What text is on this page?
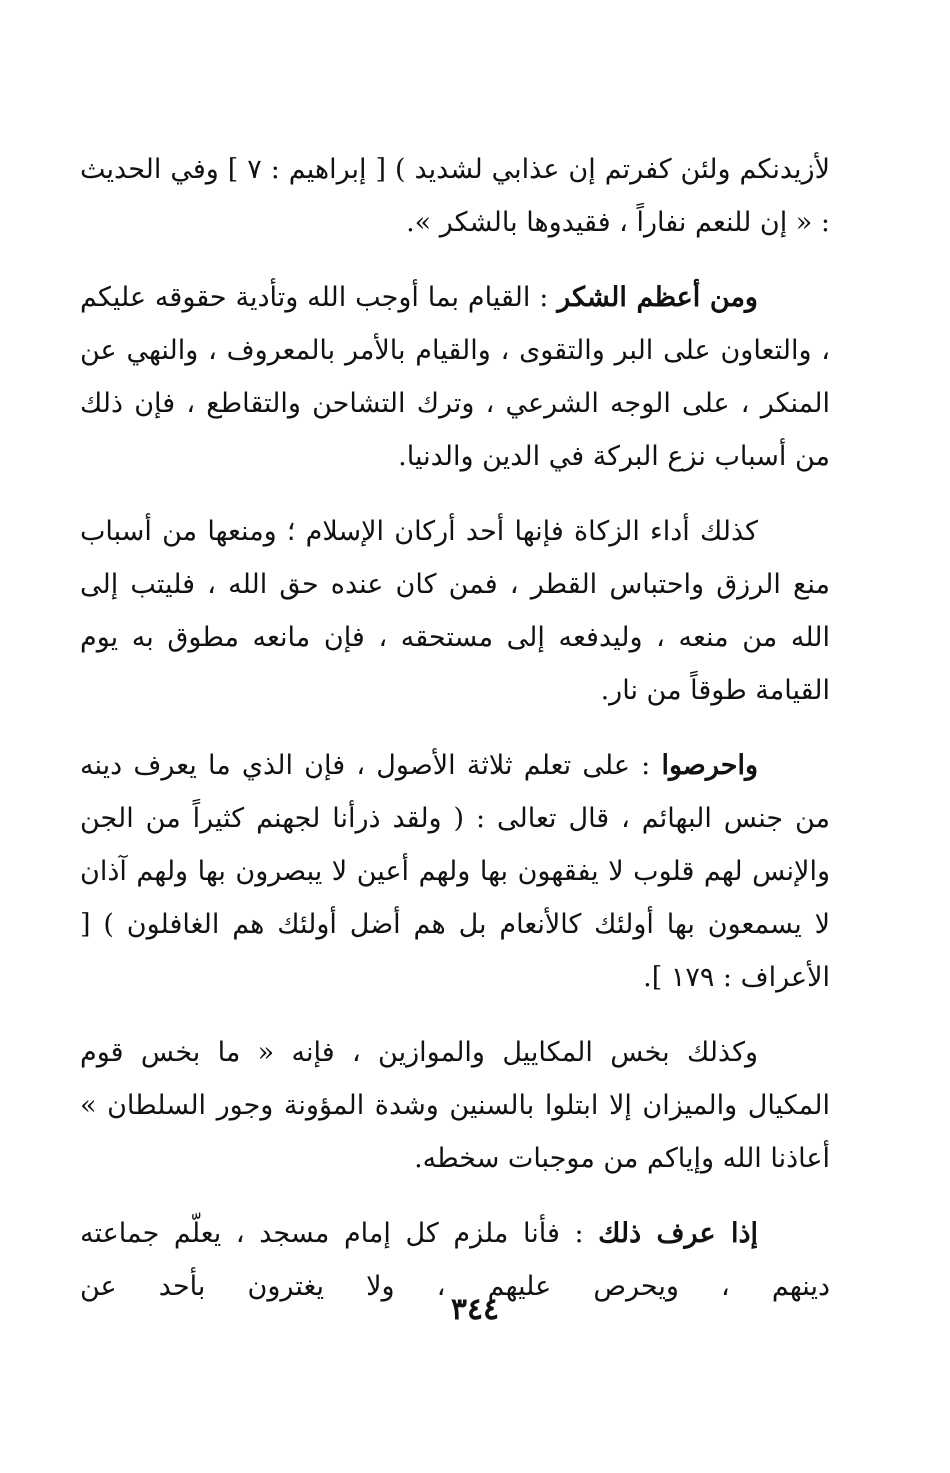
لأزيدنكم ولئن كفرتم إن عذابي لشديد ) [ إبراهيم : ٧ ] وفي الحديث : « إن للنعم نفاراً ، فقيدوها بالشكر ».

ومن أعظم الشكر : القيام بما أوجب الله وتأدية حقوقه عليكم ، والتعاون على البر والتقوى ، والقيام بالأمر بالمعروف ، والنهي عن المنكر ، على الوجه الشرعي ، وترك التشاحن والتقاطع ، فإن ذلك من أسباب نزع البركة في الدين والدنيا.

كذلك أداء الزكاة فإنها أحد أركان الإسلام ؛ ومنعها من أسباب منع الرزق واحتباس القطر ، فمن كان عنده حق الله ، فليتب إلى الله من منعه ، وليدفعه إلى مستحقه ، فإن مانعه مطوق به يوم القيامة طوقاً من نار.

واحرصوا : على تعلم ثلاثة الأصول ، فإن الذي ما يعرف دينه من جنس البهائم ، قال تعالى : ( ولقد ذرأنا لجهنم كثيراً من الجن والإنس لهم قلوب لا يفقهون بها ولهم أعين لا يبصرون بها ولهم آذان لا يسمعون بها أولئك كالأنعام بل هم أضل أولئك هم الغافلون ) [ الأعراف : ١٧٩ ].

وكذلك بخس المكاييل والموازين ، فإنه « ما بخس قوم المكيال والميزان إلا ابتلوا بالسنين وشدة المؤونة وجور السلطان » أعاذنا الله وإياكم من موجبات سخطه.

إذا عرف ذلك : فأنا ملزم كل إمام مسجد ، يعلّم جماعته دينهم ، ويحرص عليهم ، ولا يغترون بأحد عن

٣٤٤
